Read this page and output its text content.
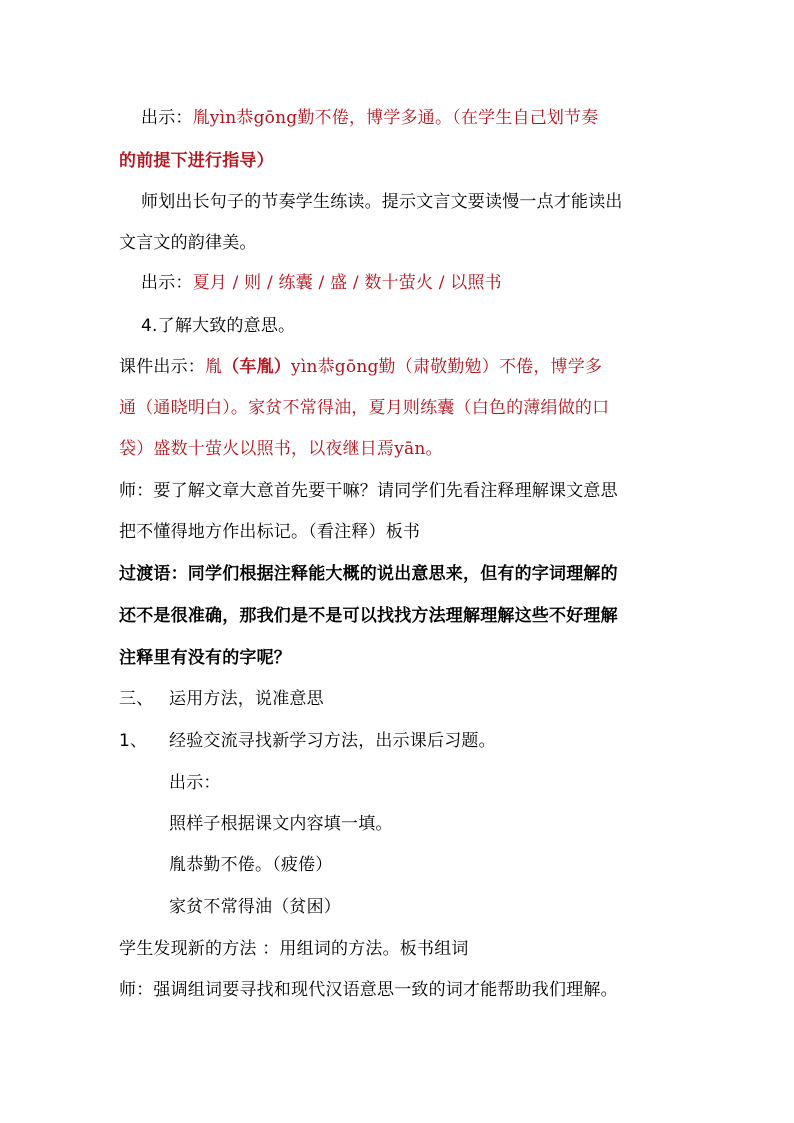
出示：胤yìn恭gōng勤不倦，博学多通。（在学生自己划节奏
的前提下进行指导）
师划出长句子的节奏学生练读。提示文言文要读慢一点才能读出
文言文的韵律美。
出示：夏月 / 则 / 练囊 / 盛 / 数十萤火 / 以照书
4.了解大致的意思。
课件出示：胤（车胤）yìn恭gōng勤（肃敬勤勉）不倦，博学多
通（通晓明白）。家贫不常得油，夏月则练囊（白色的薄绢做的口
袋）盛数十萤火以照书，以夜继日焉yān。
师：要了解文章大意首先要干嘛？请同学们先看注释理解课文意思
把不懂得地方作出标记。（看注释）板书
过渡语：同学们根据注释能大概的说出意思来，但有的字词理解的
还不是很准确，那我们是不是可以找找方法理解理解这些不好理解
注释里有没有的字呢？
三、 运用方法，说准意思
1、 经验交流寻找新学习方法，出示课后习题。
出示：
照样子根据课文内容填一填。
胤恭勤不倦。（疲倦）
家贫不常得油（贫困）
学生发现新的方法 ：用组词的方法。板书组词
师：强调组词要寻找和现代汉语意思一致的词才能帮助我们理解。
